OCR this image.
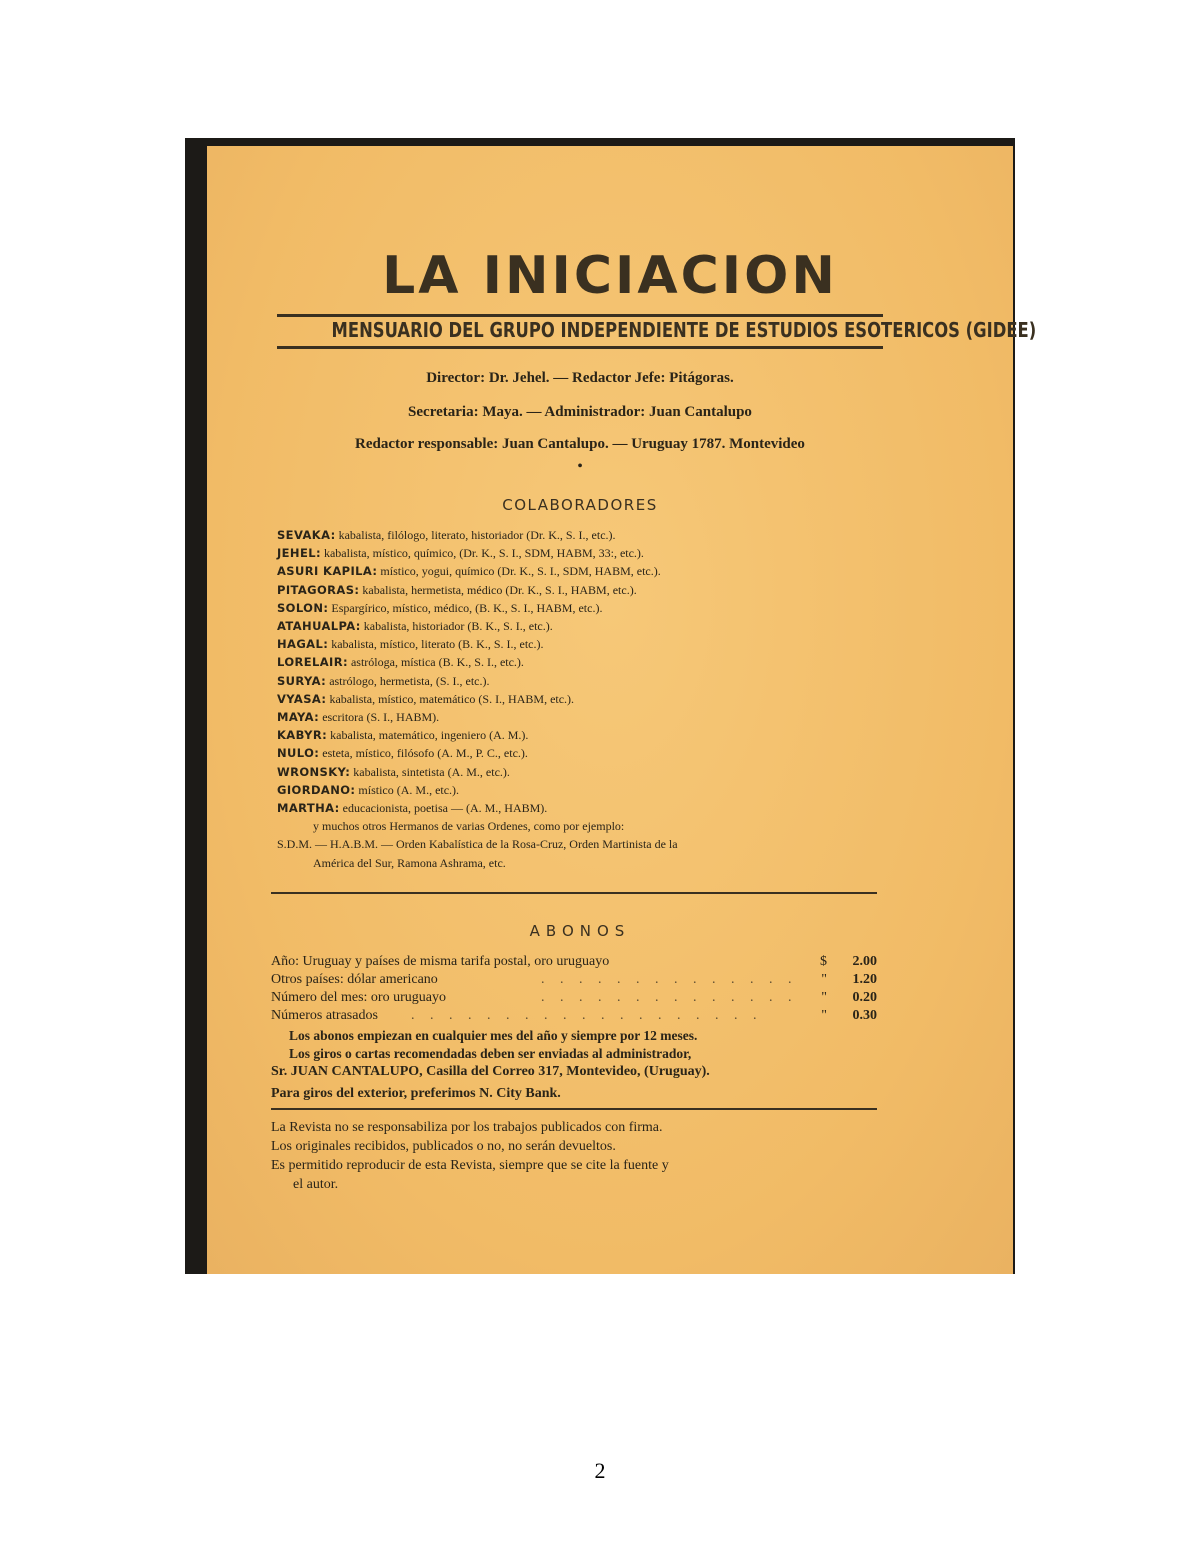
LA INICIACION
MENSUARIO DEL GRUPO INDEPENDIENTE DE ESTUDIOS ESOTERICOS (GIDEE)
Director: Dr. Jehel. — Redactor Jefe: Pitágoras.
Secretaria: Maya. — Administrador: Juan Cantalupo
Redactor responsable: Juan Cantalupo. — Uruguay 1787. Montevideo
•
COLABORADORES
SEVAKA: kabalista, filólogo, literato, historiador (Dr. K., S. I., etc.).
JEHEL: kabalista, místico, químico, (Dr. K., S. I., SDM, HABM, 33:, etc.).
ASURI KAPILA: místico, yogui, químico (Dr. K., S. I., SDM, HABM, etc.).
PITAGORAS: kabalista, hermetista, médico (Dr. K., S. I., HABM, etc.).
SOLON: Espargírico, místico, médico, (B. K., S. I., HABM, etc.).
ATAHUALPA: kabalista, historiador (B. K., S. I., etc.).
HAGAL: kabalista, místico, literato (B. K., S. I., etc.).
LORELAIR: astróloga, mística (B. K., S. I., etc.).
SURYA: astrólogo, hermetista, (S. I., etc.).
VYASA: kabalista, místico, matemático (S. I., HABM, etc.).
MAYA: escritora (S. I., HABM).
KABYR: kabalista, matemático, ingeniero (A. M.).
NULO: esteta, místico, filósofo (A. M., P. C., etc.).
WRONSKY: kabalista, sintetista (A. M., etc.).
GIORDANO: místico (A. M., etc.).
MARTHA: educacionista, poetisa — (A. M., HABM).
y muchos otros Hermanos de varias Ordenes, como por ejemplo:
S.D.M. — H.A.B.M. — Orden Kabalística de la Rosa-Cruz, Orden Martinista de la
América del Sur, Ramona Ashrama, etc.
ABONOS
Año: Uruguay y países de misma tarifa postal, oro uruguayo	$ 2.00
Otros países: dólar americano	. . . . . . . . . . . . . .	" 1.20
Número del mes: oro uruguayo	. . . . . . . . . . . . . .	" 0.20
Números atrasados . . . . . . . . . . . . . . . . . . .	" 0.30
Los abonos empiezan en cualquier mes del año y siempre por 12 meses.
Los giros o cartas recomendadas deben ser enviadas al administrador,
Sr. JUAN CANTALUPO, Casilla del Correo 317, Montevideo, (Uruguay).
Para giros del exterior, preferimos N. City Bank.
La Revista no se responsabiliza por los trabajos publicados con firma.
Los originales recibidos, publicados o no, no serán devueltos.
Es permitido reproducir de esta Revista, siempre que se cite la fuente y
el autor.
2
